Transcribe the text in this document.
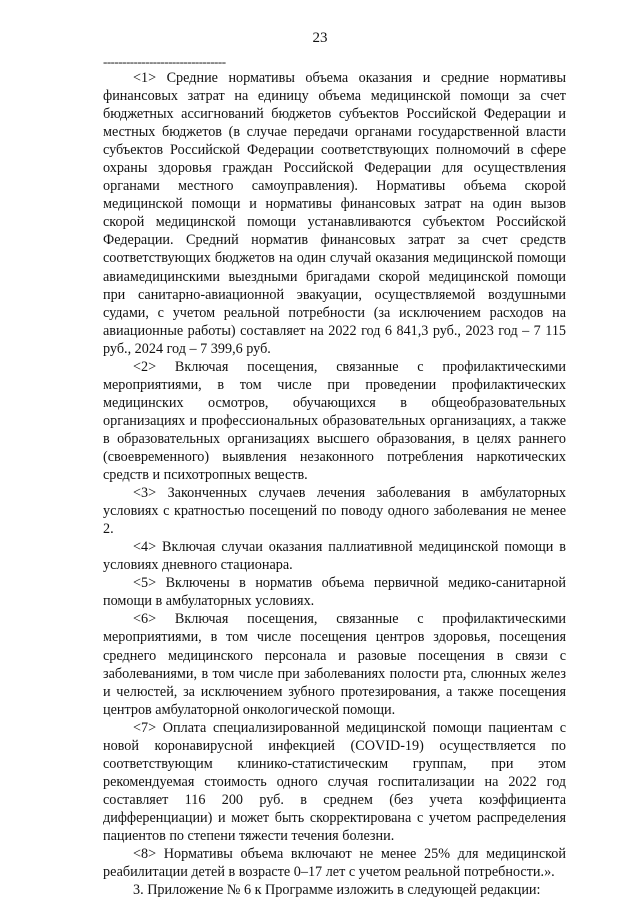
23
--------------------------------

<1> Средние нормативы объема оказания и средние нормативы финансовых затрат на единицу объема медицинской помощи за счет бюджетных ассигнований бюджетов субъектов Российской Федерации и местных бюджетов (в случае передачи органами государственной власти субъектов Российской Федерации соответствующих полномочий в сфере охраны здоровья граждан Российской Федерации для осуществления органами местного самоуправления). Нормативы объема скорой медицинской помощи и нормативы финансовых затрат на один вызов скорой медицинской помощи устанавливаются субъектом Российской Федерации. Средний норматив финансовых затрат за счет средств соответствующих бюджетов на один случай оказания медицинской помощи авиамедицинскими выездными бригадами скорой медицинской помощи при санитарно-авиационной эвакуации, осуществляемой воздушными судами, с учетом реальной потребности (за исключением расходов на авиационные работы) составляет на 2022 год 6 841,3 руб., 2023 год – 7 115 руб., 2024 год – 7 399,6 руб.

<2> Включая посещения, связанные с профилактическими мероприятиями, в том числе при проведении профилактических медицинских осмотров, обучающихся в общеобразовательных организациях и профессиональных образовательных организациях, а также в образовательных организациях высшего образования, в целях раннего (своевременного) выявления незаконного потребления наркотических средств и психотропных веществ.

<3> Законченных случаев лечения заболевания в амбулаторных условиях с кратностью посещений по поводу одного заболевания не менее 2.

<4> Включая случаи оказания паллиативной медицинской помощи в условиях дневного стационара.

<5> Включены в норматив объема первичной медико-санитарной помощи в амбулаторных условиях.

<6> Включая посещения, связанные с профилактическими мероприятиями, в том числе посещения центров здоровья, посещения среднего медицинского персонала и разовые посещения в связи с заболеваниями, в том числе при заболеваниях полости рта, слюнных желез и челюстей, за исключением зубного протезирования, а также посещения центров амбулаторной онкологической помощи.

<7> Оплата специализированной медицинской помощи пациентам с новой коронавирусной инфекцией (COVID-19) осуществляется по соответствующим клинико-статистическим группам, при этом рекомендуемая стоимость одного случая госпитализации на 2022 год составляет 116 200 руб. в среднем (без учета коэффициента дифференциации) и может быть скорректирована с учетом распределения пациентов по степени тяжести течения болезни.

<8> Нормативы объема включают не менее 25% для медицинской реабилитации детей в возрасте 0–17 лет с учетом реальной потребности.».

3. Приложение № 6 к Программе изложить в следующей редакции:
